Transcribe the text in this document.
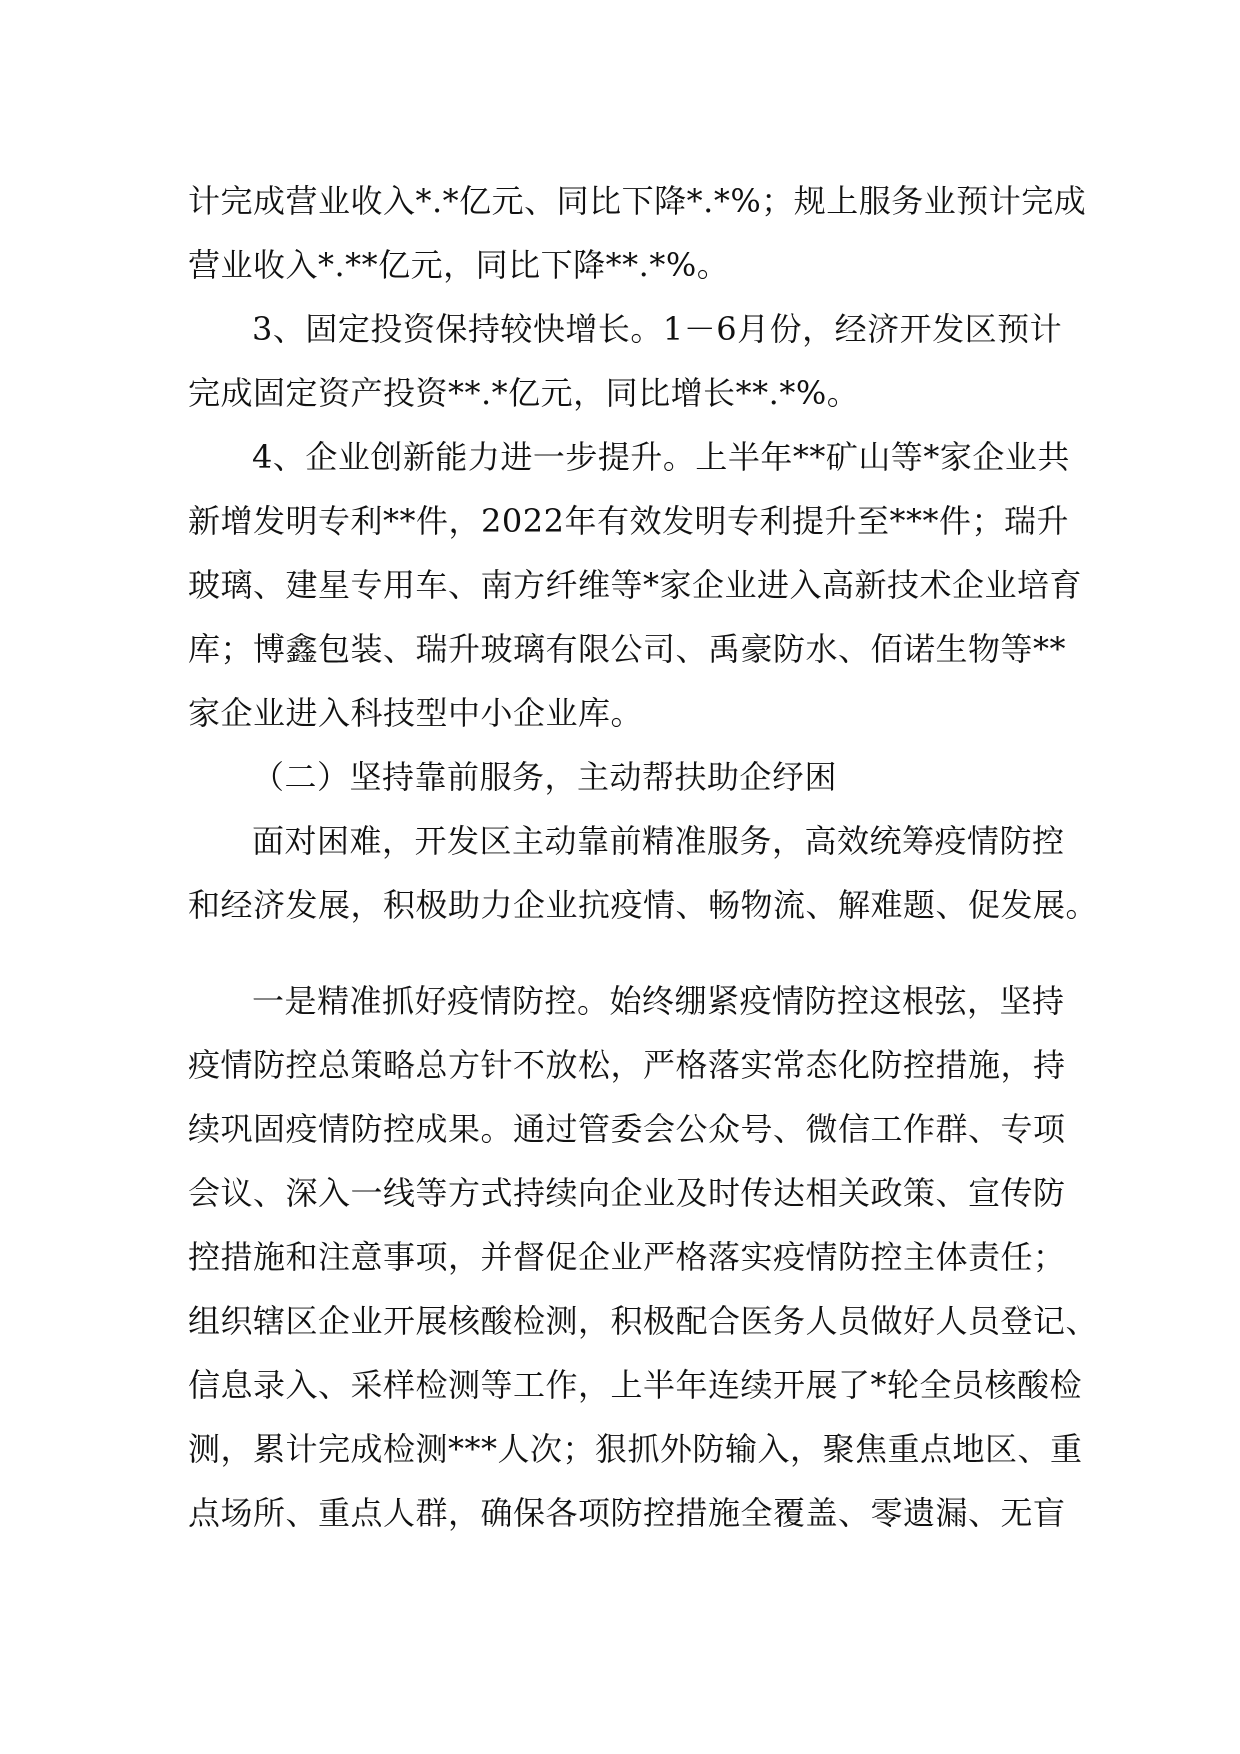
计完成营业收入*.*亿元、同比下降*.*%；规上服务业预计完成
营业收入*.**亿元，同比下降**.*%。
3、固定投资保持较快增长。1－6月份，经济开发区预计
完成固定资产投资**.*亿元，同比增长**.*%。
4、企业创新能力进一步提升。上半年**矿山等*家企业共
新增发明专利**件，2022年有效发明专利提升至***件；瑞升
玻璃、建星专用车、南方纤维等*家企业进入高新技术企业培育
库；博鑫包装、瑞升玻璃有限公司、禹豪防水、佰诺生物等**
家企业进入科技型中小企业库。
（二）坚持靠前服务，主动帮扶助企纾困
面对困难，开发区主动靠前精准服务，高效统筹疫情防控
和经济发展，积极助力企业抗疫情、畅物流、解难题、促发展。
一是精准抓好疫情防控。始终绷紧疫情防控这根弦，坚持
疫情防控总策略总方针不放松，严格落实常态化防控措施，持
续巩固疫情防控成果。通过管委会公众号、微信工作群、专项
会议、深入一线等方式持续向企业及时传达相关政策、宣传防
控措施和注意事项，并督促企业严格落实疫情防控主体责任；
组织辖区企业开展核酸检测，积极配合医务人员做好人员登记、
信息录入、采样检测等工作，上半年连续开展了*轮全员核酸检
测，累计完成检测***人次；狠抓外防输入，聚焦重点地区、重
点场所、重点人群，确保各项防控措施全覆盖、零遗漏、无盲
